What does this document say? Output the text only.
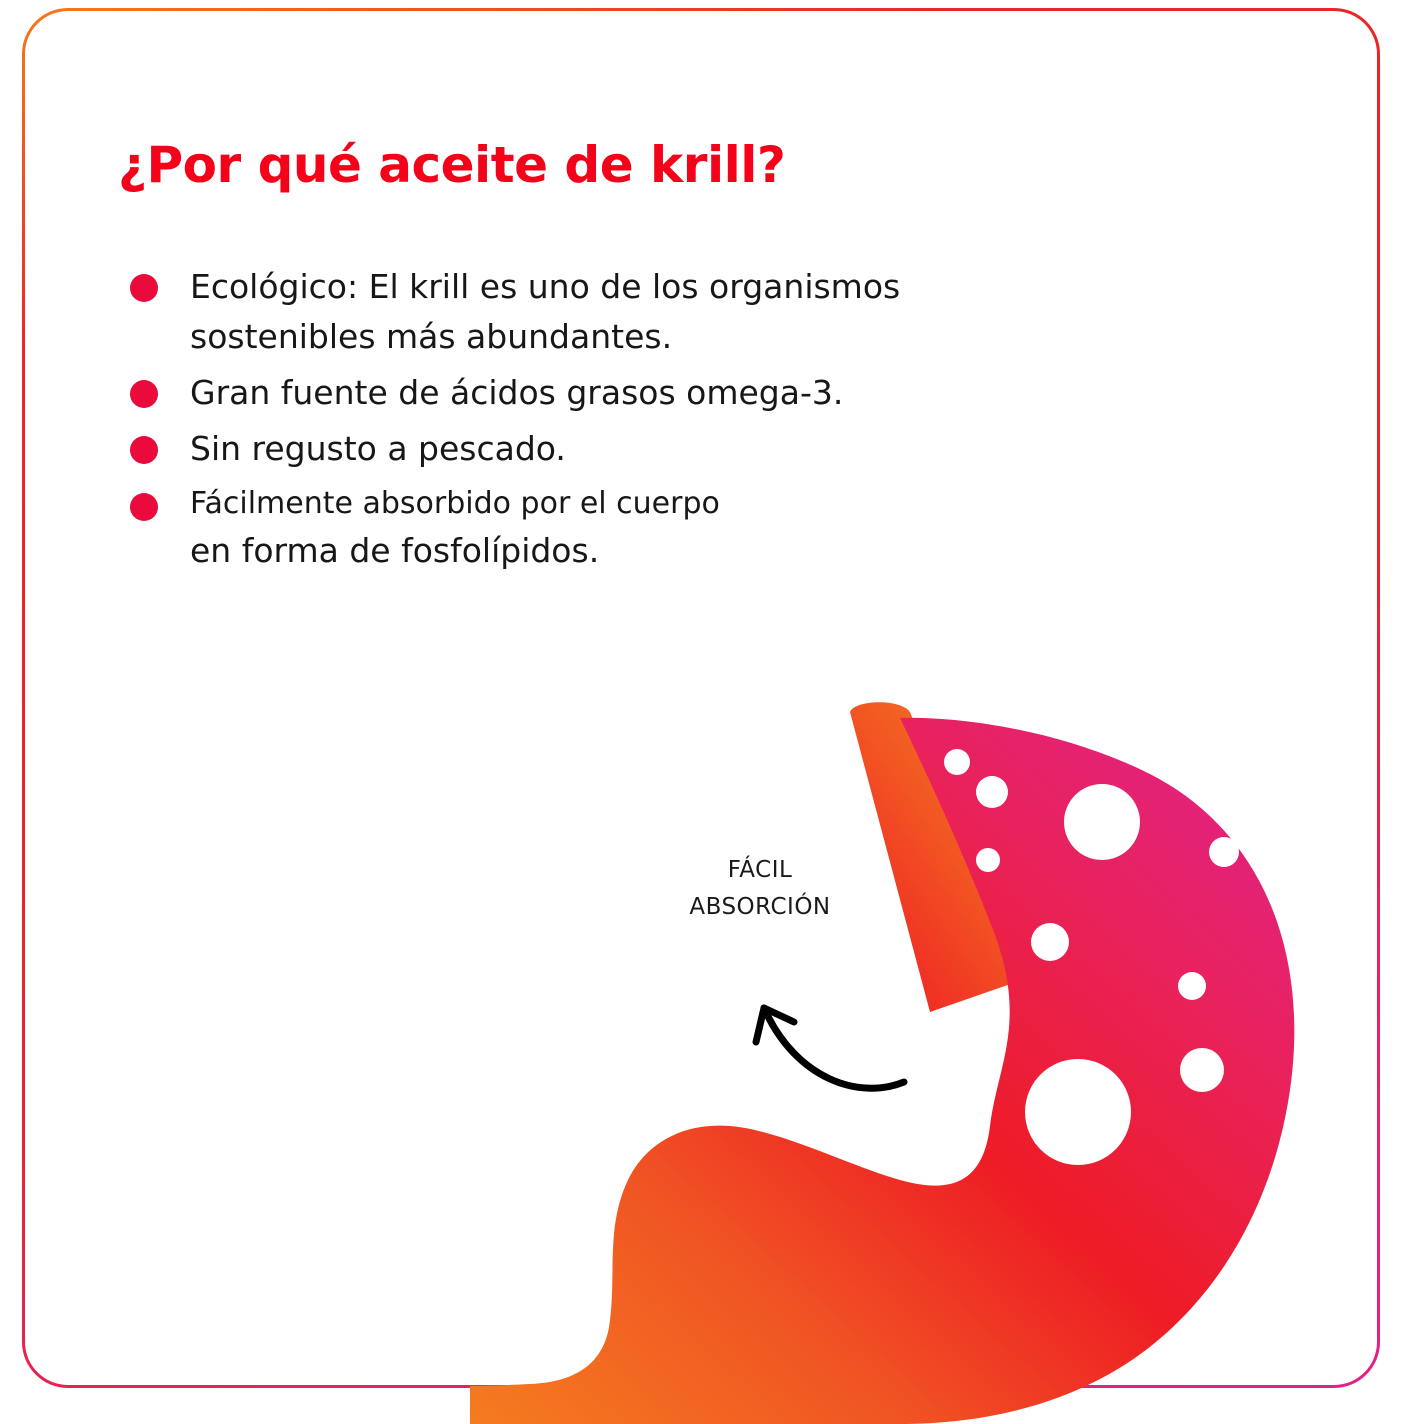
¿Por qué aceite de krill?
Ecológico: El krill es uno de los organismos
sostenibles más abundantes.
Gran fuente de ácidos grasos omega-3.
Sin regusto a pescado.
Fácilmente absorbido por el cuerpo
en forma de fosfolípidos.
FÁCIL
ABSORCIÓN
